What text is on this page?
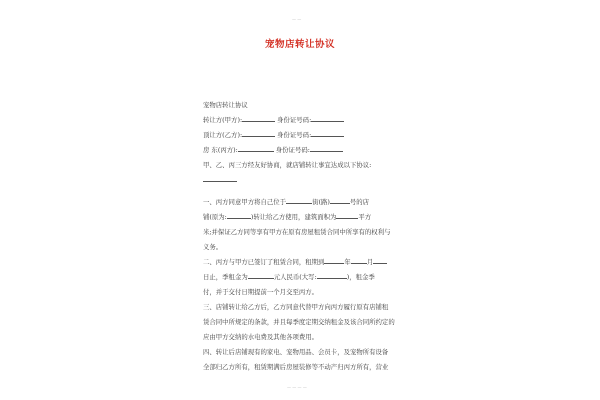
— —
宠物店转让协议
宠物店转让协议
转让方(甲方):	身份证号码:
顶让方(乙方):	身份证号码:
房 东(丙方):	身份证号码:
甲、乙、丙三方经友好协商，就店铺转让事宜达成以下协议:
一、丙方同意甲方将自己位于	街(路)	号的店
铺(原为:	)转让给乙方使用，建筑面积为	平方
米;并保证乙方同等享有甲方在原有房屋租赁合同中所享有的权利与
义务。
二、丙方与甲方已签订了租赁合同，租期到	年	月
日止，季租金为	元人民币(大写:	)，租金季
付，并于交付日期提前一个月交至丙方。
三、店铺转让给乙方后，乙方同意代替甲方向丙方履行原有店铺租
赁合同中所规定的条款，并且每季度定期交纳租金及该合同所约定的
应由甲方交纳的水电费及其他各项费用。
四、转让后店铺现有的家电、宠物用品、会员卡，及宠物所有设备
全部归乙方所有，租赁期满后房屋装修等不动产归丙方所有，营业
— — — —
